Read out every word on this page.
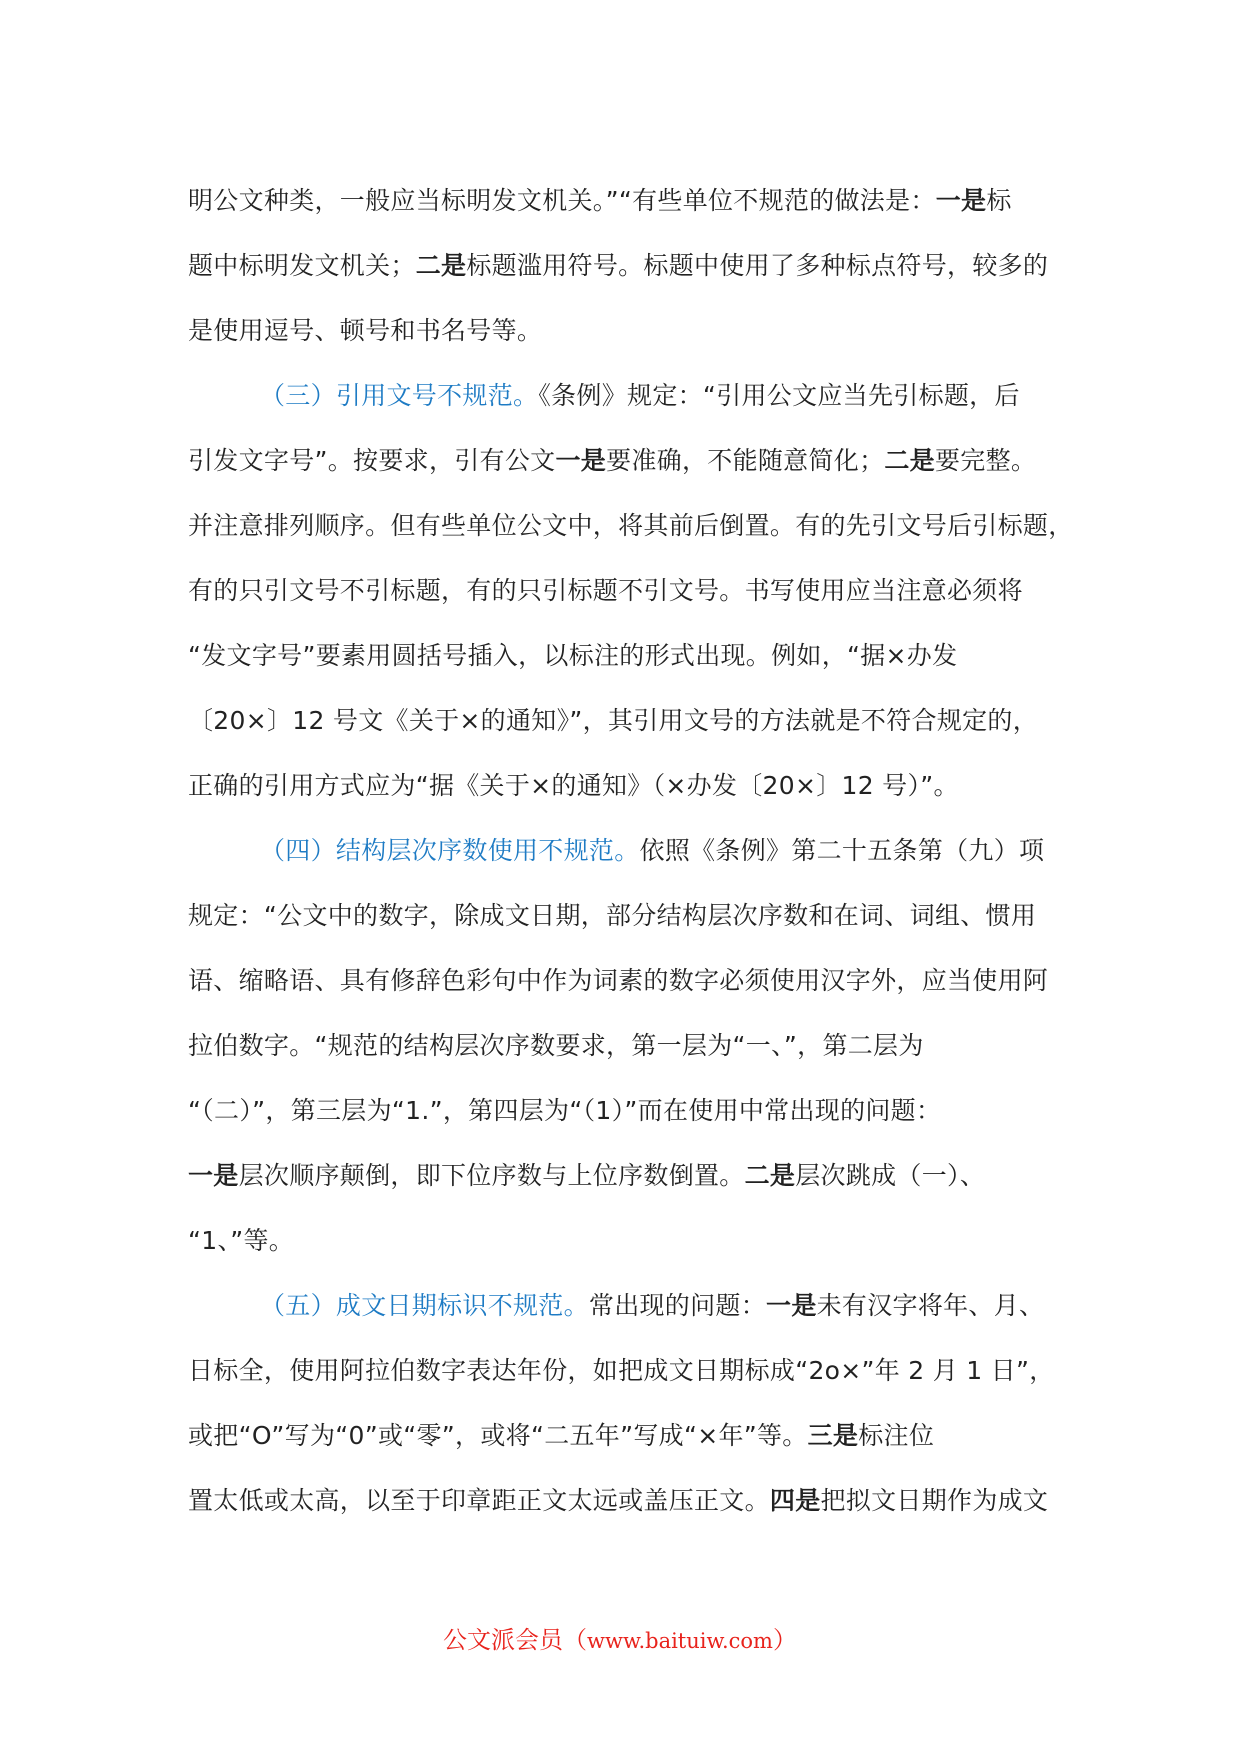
明公文种类，一般应当标明发文机关。”“有些单位不规范的做法是：一是标
题中标明发文机关；二是标题滥用符号。标题中使用了多种标点符号，较多的
是使用逗号、顿号和书名号等。
（三）引用文号不规范。《条例》规定：“引用公文应当先引标题，后
引发文字号”。按要求，引有公文一是要准确，不能随意简化；二是要完整。
并注意排列顺序。但有些单位公文中，将其前后倒置。有的先引文号后引标题，
有的只引文号不引标题，有的只引标题不引文号。书写使用应当注意必须将
“发文字号”要素用圆括号插入，以标注的形式出现。例如，“据×办发
〔20×〕12 号文《关于×的通知》”，其引用文号的方法就是不符合规定的，
正确的引用方式应为“据《关于×的通知》（×办发〔20×〕12 号）”。
（四）结构层次序数使用不规范。依照《条例》第二十五条第（九）项
规定：“公文中的数字，除成文日期，部分结构层次序数和在词、词组、惯用
语、缩略语、具有修辞色彩句中作为词素的数字必须使用汉字外，应当使用阿
拉伯数字。“规范的结构层次序数要求，第一层为“一、”，第二层为
“（二）”，第三层为“1.”，第四层为“（1）”而在使用中常出现的问题：
一是层次顺序颠倒，即下位序数与上位序数倒置。二是层次跳成（一）、
“1、”等。
（五）成文日期标识不规范。常出现的问题：一是未有汉字将年、月、
日标全，使用阿拉伯数字表达年份，如把成文日期标成“2o×”年 2 月 1 日”，
或把“O”写为“0”或“零”，或将“二五年”写成“×年”等。三是标注位
置太低或太高，以至于印章距正文太远或盖压正文。四是把拟文日期作为成文
公文派会员（www.baituiw.com）
